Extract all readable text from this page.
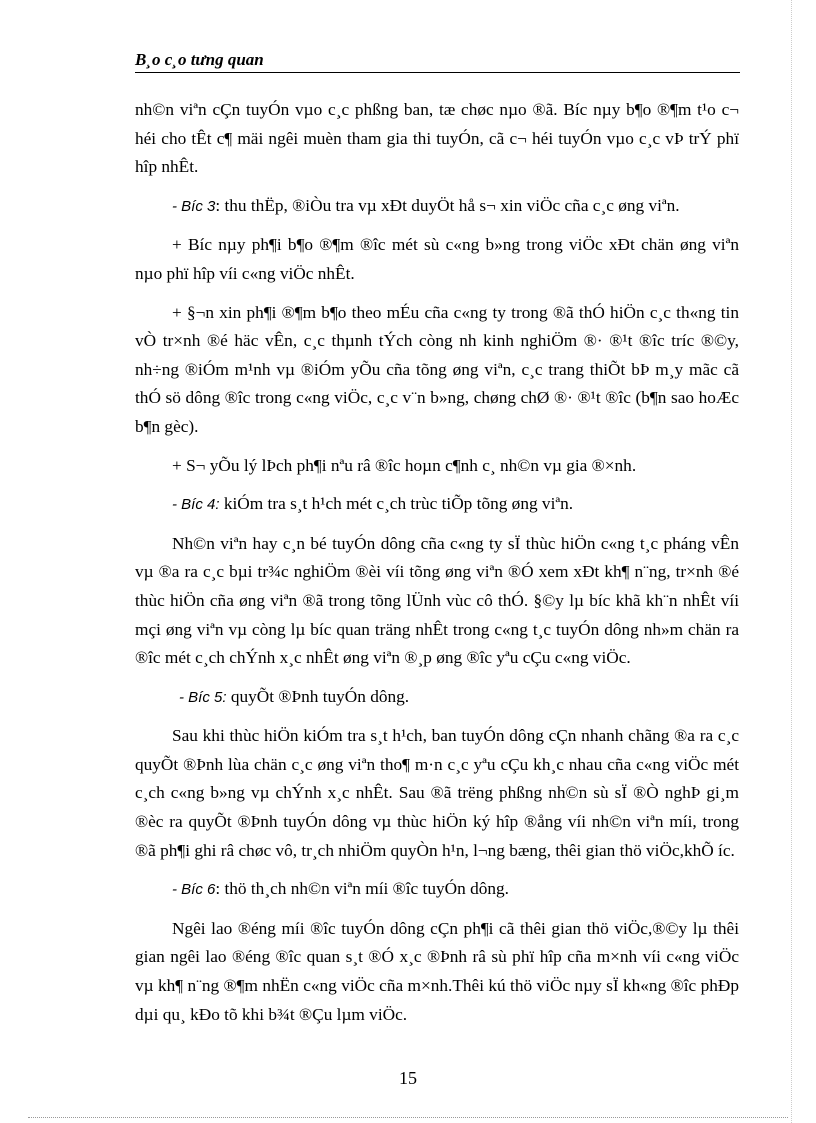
B¸o c¸o tưng quan

nh©n viªn cÇn tuyÓn vµo c¸c phßng ban, tæ chøc nµo ®ã. Bíc nµy b¶o ®¶m t¹o c¬ héi cho tÊt c¶ mäi ngêi muèn tham gia thi tuyÓn, cã c¬ héi tuyÓn vµo c¸c vÞ trÝ phï hîp nhÊt.

- Bíc 3: thu thËp, ®iÒu tra vµ xÐt duyÖt hå s¬ xin viÖc cña c¸c øng viªn.

+ Bíc nµy ph¶i b¶o ®¶m ®îc mét sù c«ng b»ng trong viÖc xÐt chän øng viªn nµo phï hîp víi c«ng viÖc nhÊt.

+ §¬n xin ph¶i ®¶m b¶o theo mÉu cña c«ng ty trong ®ã thÓ hiÖn c¸c th«ng tin vÒ tr×nh ®é häc vÊn, c¸c thµnh tÝch còng nh kinh nghiÖm ®· ®¹t ®îc tríc ®©y, nh÷ng ®iÓm m¹nh vµ ®iÓm yÕu cña tõng øng viªn, c¸c trang thiÕt bÞ m¸y mãc cã thÓ sö dông ®îc trong c«ng viÖc, c¸c v¨n b»ng, chøng chØ ®· ®¹t ®îc (b¶n sao hoÆc b¶n gèc).

+ S¬ yÕu lý lÞch ph¶i nªu râ ®îc hoµn c¶nh c¸ nh©n vµ gia ®×nh.

- Bíc 4: kiÓm tra s¸t h¹ch mét c¸ch trùc tiÕp tõng øng viªn.

Nh©n viªn hay c¸n bé tuyÓn dông cña c«ng ty sÏ thùc hiÖn c«ng t¸c pháng vÊn vµ ®a ra c¸c bµi tr¾c nghiÖm ®èi víi tõng øng viªn ®Ó xem xÐt kh¶ n¨ng, tr×nh ®é thùc hiÖn cña øng viªn ®ã trong tõng lÜnh vùc cô thÓ. §©y lµ bíc khã kh¨n nhÊt víi mçi øng viªn vµ còng lµ bíc quan träng nhÊt trong c«ng t¸c tuyÓn dông nh»m chän ra ®îc mét c¸ch chÝnh x¸c nhÊt øng viªn ®¸p øng ®îc yªu cÇu c«ng viÖc.

- Bíc 5: quyÕt ®Þnh tuyÓn dông.

Sau khi thùc hiÖn kiÓm tra s¸t h¹ch, ban tuyÓn dông cÇn nhanh chãng ®a ra c¸c quyÕt ®Þnh lùa chän c¸c øng viªn tho¶ m·n c¸c yªu cÇu kh¸c nhau cña c«ng viÖc mét c¸ch c«ng b»ng vµ chÝnh x¸c nhÊt. Sau ®ã trëng phßng nh©n sù sÏ ®Ò nghÞ gi¸m ®èc ra quyÕt ®Þnh tuyÓn dông vµ thùc hiÖn ký hîp ®ång víi nh©n viªn míi, trong ®ã ph¶i ghi râ chøc vô, tr¸ch nhiÖm quyÒn h¹n, l¬ng bæng, thêi gian thö viÖc,khÕ íc.

- Bíc 6: thö th¸ch nh©n viªn míi ®îc tuyÓn dông.

Ngêi lao ®éng míi ®îc tuyÓn dông cÇn ph¶i cã thêi gian thö viÖc,®©y lµ thêi gian ngêi lao ®éng ®îc quan s¸t ®Ó x¸c ®Þnh râ sù phï hîp cña m×nh víi c«ng viÖc vµ kh¶ n¨ng ®¶m nhËn c«ng viÖc cña m×nh.Thêi kú thö viÖc nµy sÏ kh«ng ®îc phÐp dµi qu¸ kÐo tõ khi b¾t ®Çu lµm viÖc.

15
